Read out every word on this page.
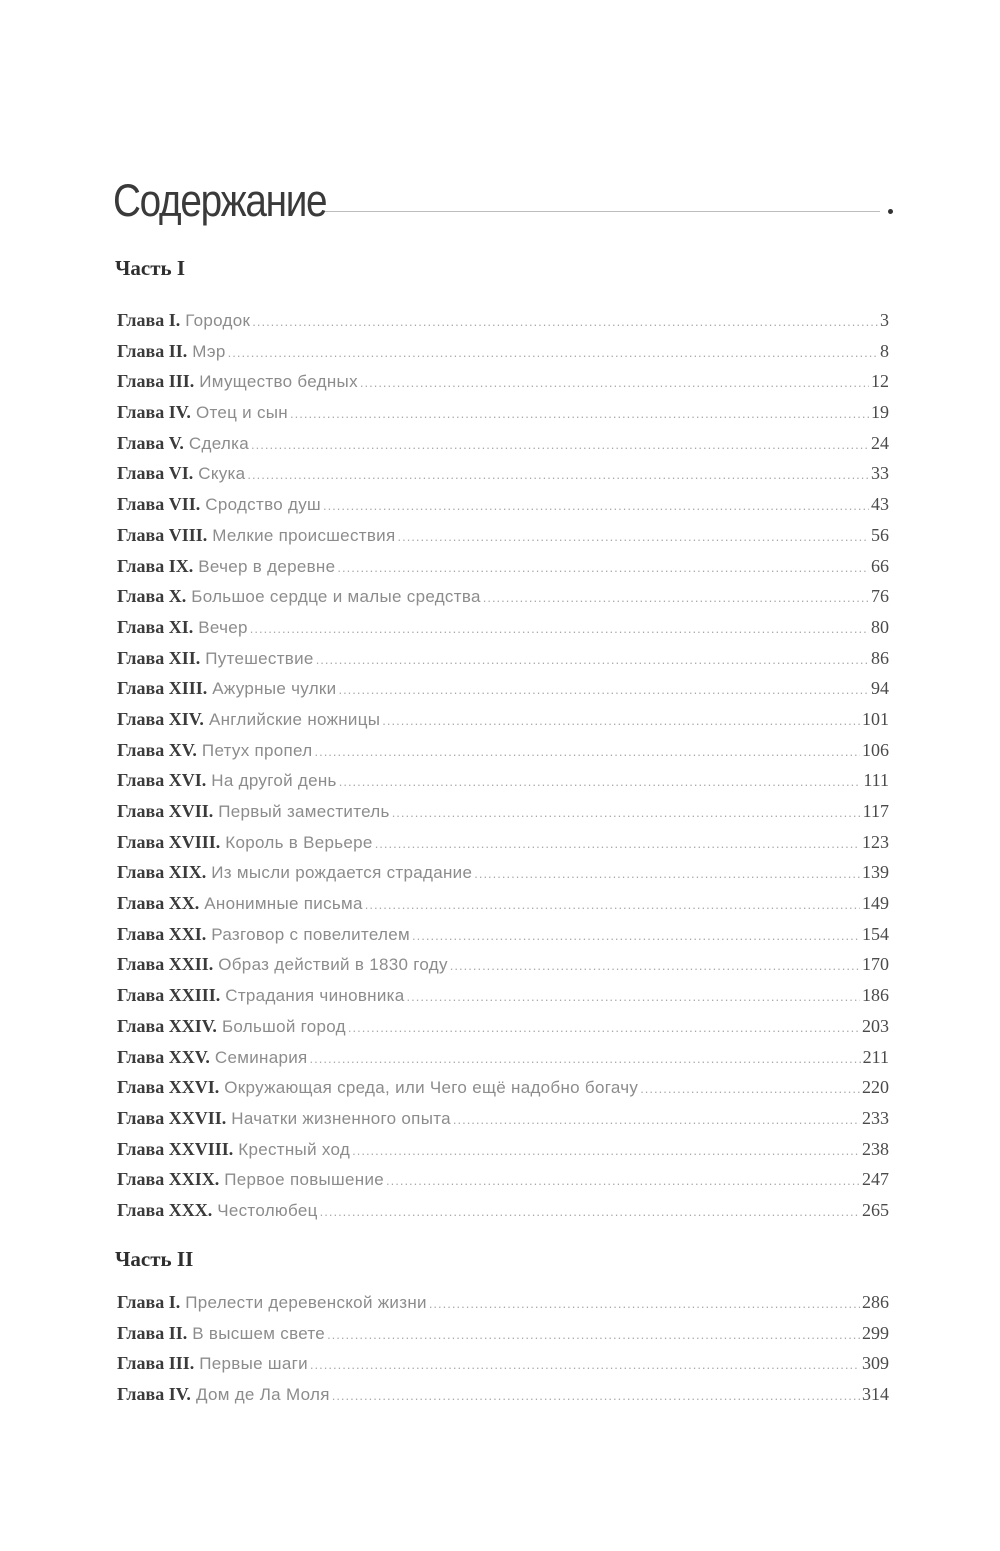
Содержание
Часть I
Глава I. Городок .....	3
Глава II. Мэр .....	8
Глава III. Имущество бедных .....	12
Глава IV. Отец и сын .....	19
Глава V. Сделка .....	24
Глава VI. Скука .....	33
Глава VII. Сродство душ .....	43
Глава VIII. Мелкие происшествия .....	56
Глава IX. Вечер в деревне .....	66
Глава X. Большое сердце и малые средства .....	76
Глава XI. Вечер .....	80
Глава XII. Путешествие .....	86
Глава XIII. Ажурные чулки .....	94
Глава XIV. Английские ножницы .....	101
Глава XV. Петух пропел .....	106
Глава XVI. На другой день .....	111
Глава XVII. Первый заместитель .....	117
Глава XVIII. Король в Верьере .....	123
Глава XIX. Из мысли рождается страдание .....	139
Глава XX. Анонимные письма .....	149
Глава XXI. Разговор с повелителем .....	154
Глава XXII. Образ действий в 1830 году .....	170
Глава XXIII. Страдания чиновника .....	186
Глава XXIV. Большой город .....	203
Глава XXV. Семинария .....	211
Глава XXVI. Окружающая среда, или Чего ещё надобно богачу .....	220
Глава XXVII. Начатки жизненного опыта .....	233
Глава XXVIII. Крестный ход .....	238
Глава XXIX. Первое повышение .....	247
Глава XXX. Честолюбец .....	265
Часть II
Глава I. Прелести деревенской жизни .....	286
Глава II. В высшем свете .....	299
Глава III. Первые шаги .....	309
Глава IV. Дом де Ла Моля .....	314
